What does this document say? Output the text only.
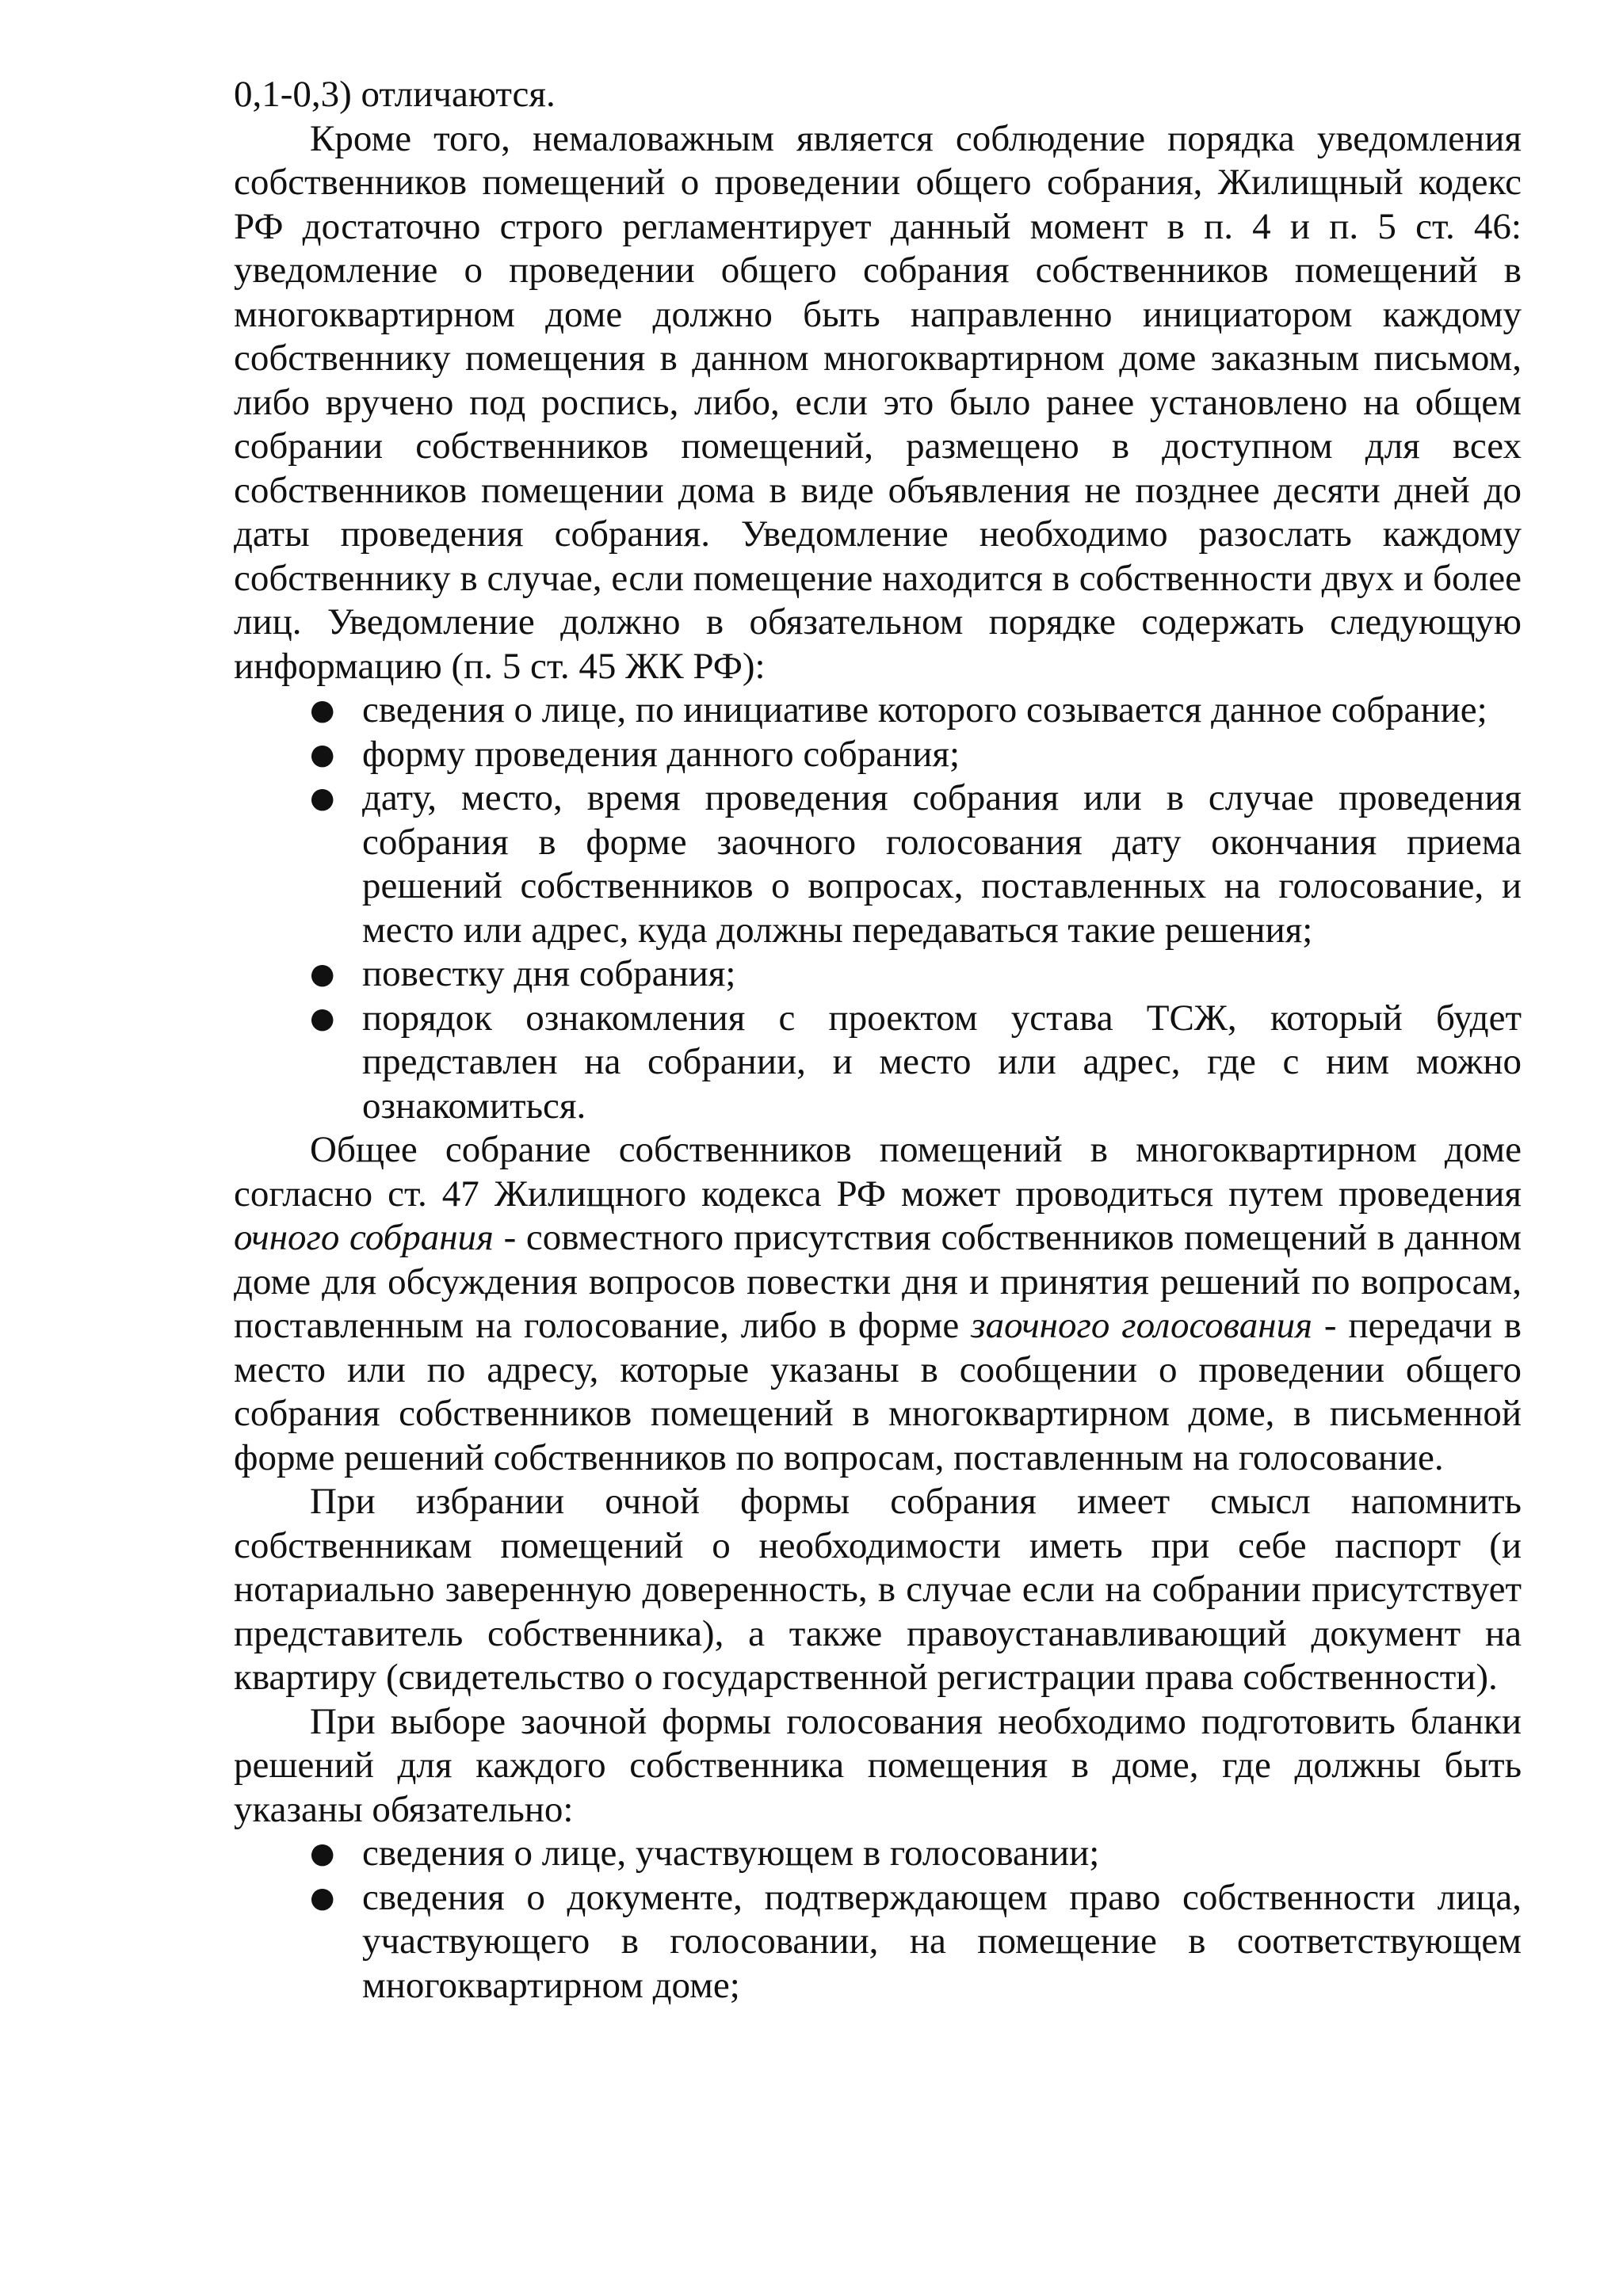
0,1-0,3) отличаются.

Кроме того, немаловажным является соблюдение порядка уведомления собственников помещений о проведении общего собрания, Жилищный кодекс РФ достаточно строго регламентирует данный момент в п. 4 и п. 5 ст. 46: уведомление о проведении общего собрания собственников помещений в многоквартирном доме должно быть направленно инициатором каждому собственнику помещения в данном многоквартирном доме заказным письмом, либо вручено под роспись, либо, если это было ранее установлено на общем собрании собственников помещений, размещено в доступном для всех собственников помещении дома в виде объявления не позднее десяти дней до даты проведения собрания. Уведомление необходимо разослать каждому собственнику в случае, если помещение находится в собственности двух и более лиц. Уведомление должно в обязательном порядке содержать следующую информацию (п. 5 ст. 45 ЖК РФ):

● сведения о лице, по инициативе которого созывается данное собрание;
● форму проведения данного собрания;
● дату, место, время проведения собрания или в случае проведения собрания в форме заочного голосования дату окончания приема решений собственников о вопросах, поставленных на голосование, и место или адрес, куда должны передаваться такие решения;
● повестку дня собрания;
● порядок ознакомления с проектом устава ТСЖ, который будет представлен на собрании, и место или адрес, где с ним можно ознакомиться.

Общее собрание собственников помещений в многоквартирном доме согласно ст. 47 Жилищного кодекса РФ может проводиться путем проведения очного собрания - совместного присутствия собственников помещений в данном доме для обсуждения вопросов повестки дня и принятия решений по вопросам, поставленным на голосование, либо в форме заочного голосования - передачи в место или по адресу, которые указаны в сообщении о проведении общего собрания собственников помещений в многоквартирном доме, в письменной форме решений собственников по вопросам, поставленным на голосование.

При избрании очной формы собрания имеет смысл напомнить собственникам помещений о необходимости иметь при себе паспорт (и нотариально заверенную доверенность, в случае если на собрании присутствует представитель собственника), а также правоустанавливающий документ на квартиру (свидетельство о государственной регистрации права собственности).

При выборе заочной формы голосования необходимо подготовить бланки решений для каждого собственника помещения в доме, где должны быть указаны обязательно:

● сведения о лице, участвующем в голосовании;
● сведения о документе, подтверждающем право собственности лица, участвующего в голосовании, на помещение в соответствующем многоквартирном доме;
